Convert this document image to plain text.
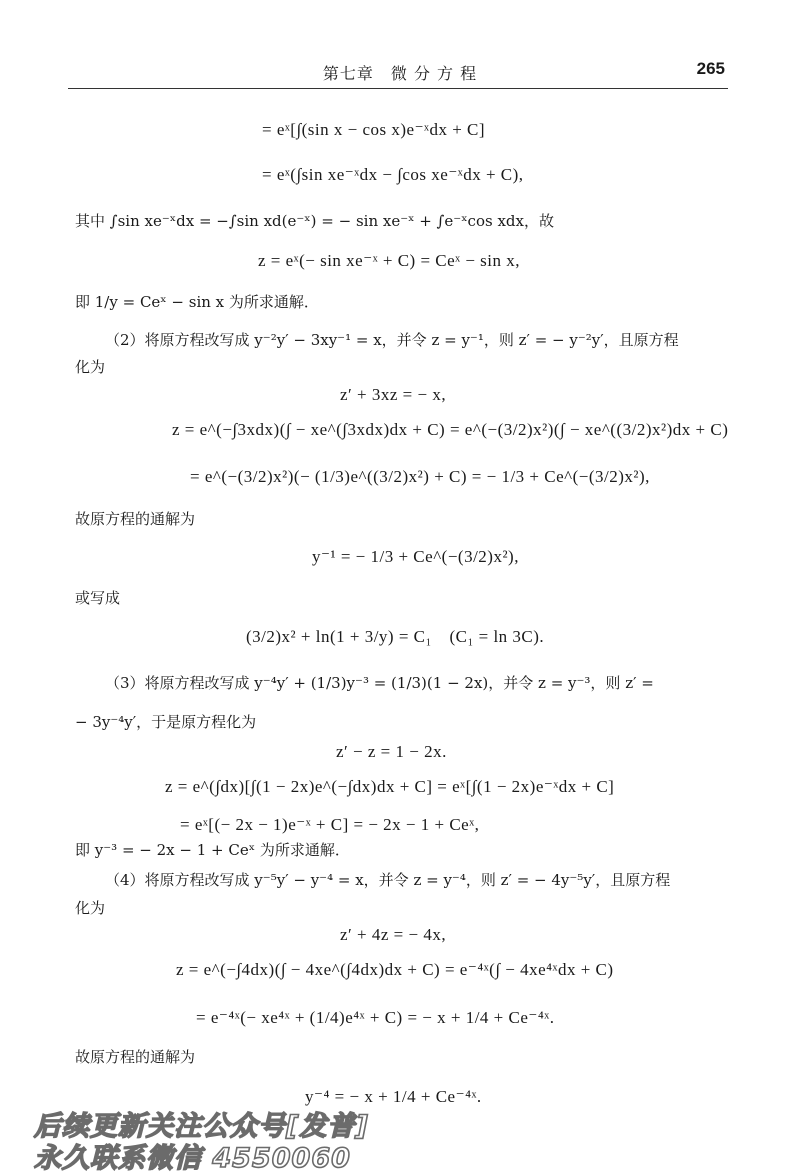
第七章　微 分 方 程	265
= eˣ[∫(sin x − cos x)e⁻ˣdx + C]
= eˣ(∫sin xe⁻ˣdx − ∫cos xe⁻ˣdx + C),
其中 ∫sin xe⁻ˣdx = −∫sin xd(e⁻ˣ) = − sin xe⁻ˣ + ∫e⁻ˣcos xdx，故
z = eˣ(− sin xe⁻ˣ + C) = Ceˣ − sin x,
即 1/y = Ceˣ − sin x 为所求通解．
（2）将原方程改写成 y⁻²y′ − 3xy⁻¹ = x，并令 z = y⁻¹，则 z′ = − y⁻²y′，且原方程
化为
z′ + 3xz = − x,
z = e^(−∫3xdx)(∫ − xe^(∫3xdx)dx + C) = e^(−(3/2)x²)(∫ − xe^((3/2)x²)dx + C)
= e^(−(3/2)x²)(− (1/3)e^((3/2)x²) + C) = − 1/3 + Ce^(−(3/2)x²),
故原方程的通解为
y⁻¹ = − 1/3 + Ce^(−(3/2)x²),
或写成
(3/2)x² + ln(1 + 3/y) = C₁　(C₁ = ln 3C).
（3）将原方程改写成 y⁻⁴y′ + (1/3)y⁻³ = (1/3)(1 − 2x)，并令 z = y⁻³，则 z′ =
− 3y⁻⁴y′，于是原方程化为
z′ − z = 1 − 2x.
z = e^(∫dx)[∫(1 − 2x)e^(−∫dx)dx + C] = eˣ[∫(1 − 2x)e⁻ˣdx + C]
= eˣ[(− 2x − 1)e⁻ˣ + C] = − 2x − 1 + Ceˣ,
即 y⁻³ = − 2x − 1 + Ceˣ 为所求通解．
（4）将原方程改写成 y⁻⁵y′ − y⁻⁴ = x，并令 z = y⁻⁴，则 z′ = − 4y⁻⁵y′，且原方程
化为
z′ + 4z = − 4x,
z = e^(−∫4dx)(∫ − 4xe^(∫4dx)dx + C) = e⁻⁴ˣ(∫ − 4xe⁴ˣdx + C)
= e⁻⁴ˣ(− xe⁴ˣ + (1/4)e⁴ˣ + C) = − x + 1/4 + Ce⁻⁴ˣ.
故原方程的通解为
y⁻⁴ = − x + 1/4 + Ce⁻⁴ˣ.
后续更新关注公众号[发普]
永久联系微信 4550060
